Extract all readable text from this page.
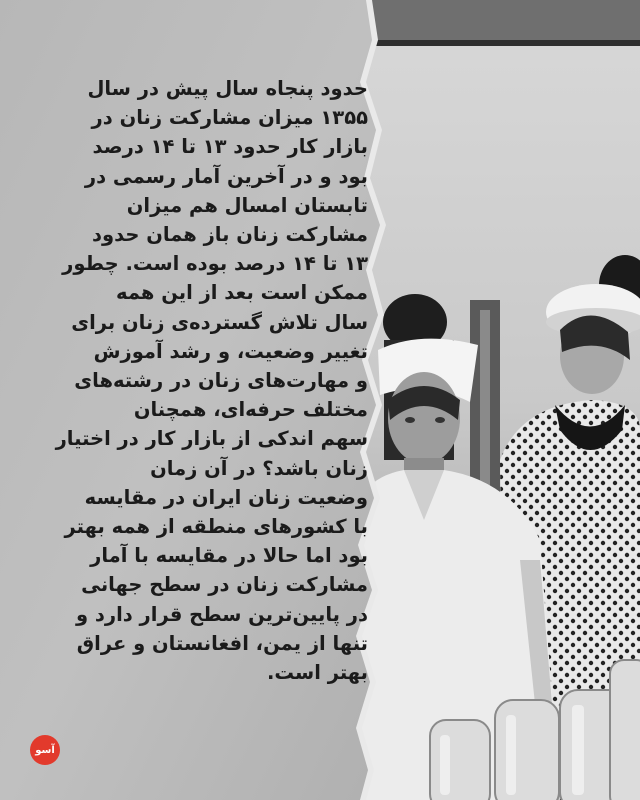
حدود پنجاه سال پیش در سال
۱۳۵۵ میزان مشارکت زنان در
بازار کار حدود ۱۳ تا ۱۴ درصد
بود و در آخرین آمار رسمی در
تابستان امسال هم میزان
مشارکت زنان باز همان حدود
۱۳ تا ۱۴ درصد بوده است. چطور
ممکن است بعد از این همه
سال تلاش گسترده‌ی زنان برای
تغییر وضعیت، و رشد آموزش
و مهارت‌های زنان در رشته‌های
مختلف حرفه‌ای، همچنان
سهم اندکی از بازار کار در اختیار
زنان باشد؟ در آن زمان
وضعیت زنان ایران در مقایسه
با کشورهای منطقه از همه بهتر
بود اما حالا در مقایسه با آمار
مشارکت زنان در سطح جهانی
در پایین‌ترین سطح قرار دارد و
تنها از یمن، افغانستان و عراق
بهتر است.
آسو
